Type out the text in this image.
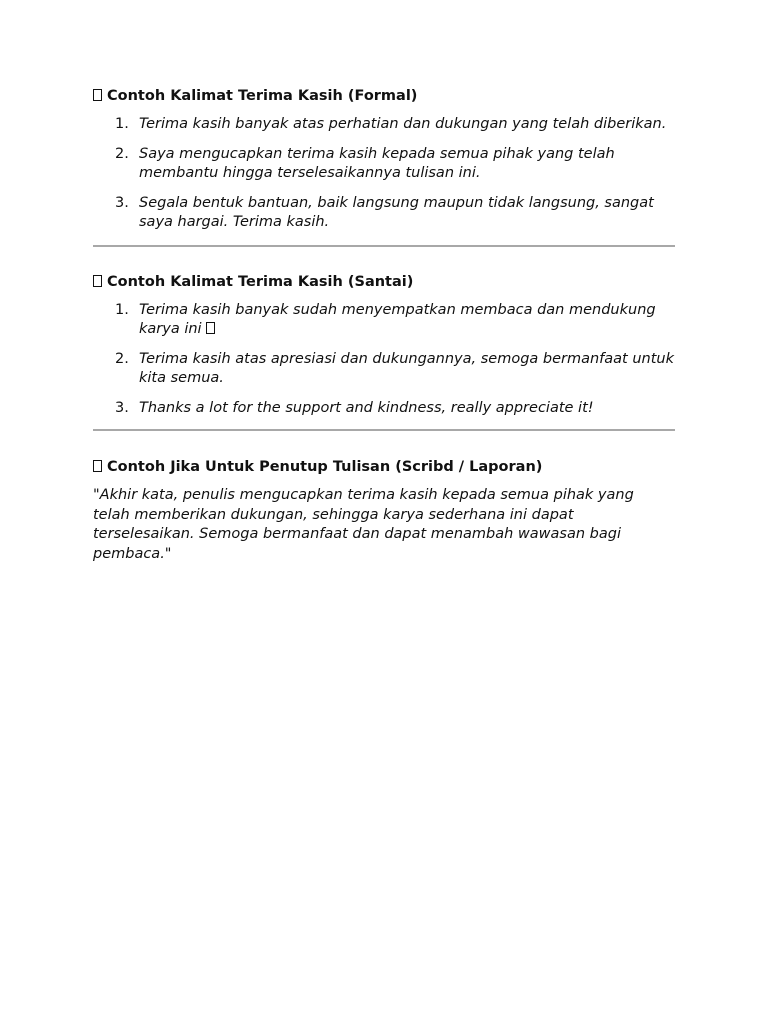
Contoh Kalimat Terima Kasih (Formal)

1. Terima kasih banyak atas perhatian dan dukungan yang telah diberikan.
2. Saya mengucapkan terima kasih kepada semua pihak yang telah membantu hingga terselesaikannya tulisan ini.
3. Segala bentuk bantuan, baik langsung maupun tidak langsung, sangat saya hargai. Terima kasih.

Contoh Kalimat Terima Kasih (Santai)

1. Terima kasih banyak sudah menyempatkan membaca dan mendukung karya ini
2. Terima kasih atas apresiasi dan dukungannya, semoga bermanfaat untuk kita semua.
3. Thanks a lot for the support and kindness, really appreciate it!

Contoh Jika Untuk Penutup Tulisan (Scribd / Laporan)

"Akhir kata, penulis mengucapkan terima kasih kepada semua pihak yang telah memberikan dukungan, sehingga karya sederhana ini dapat terselesaikan. Semoga bermanfaat dan dapat menambah wawasan bagi pembaca."
